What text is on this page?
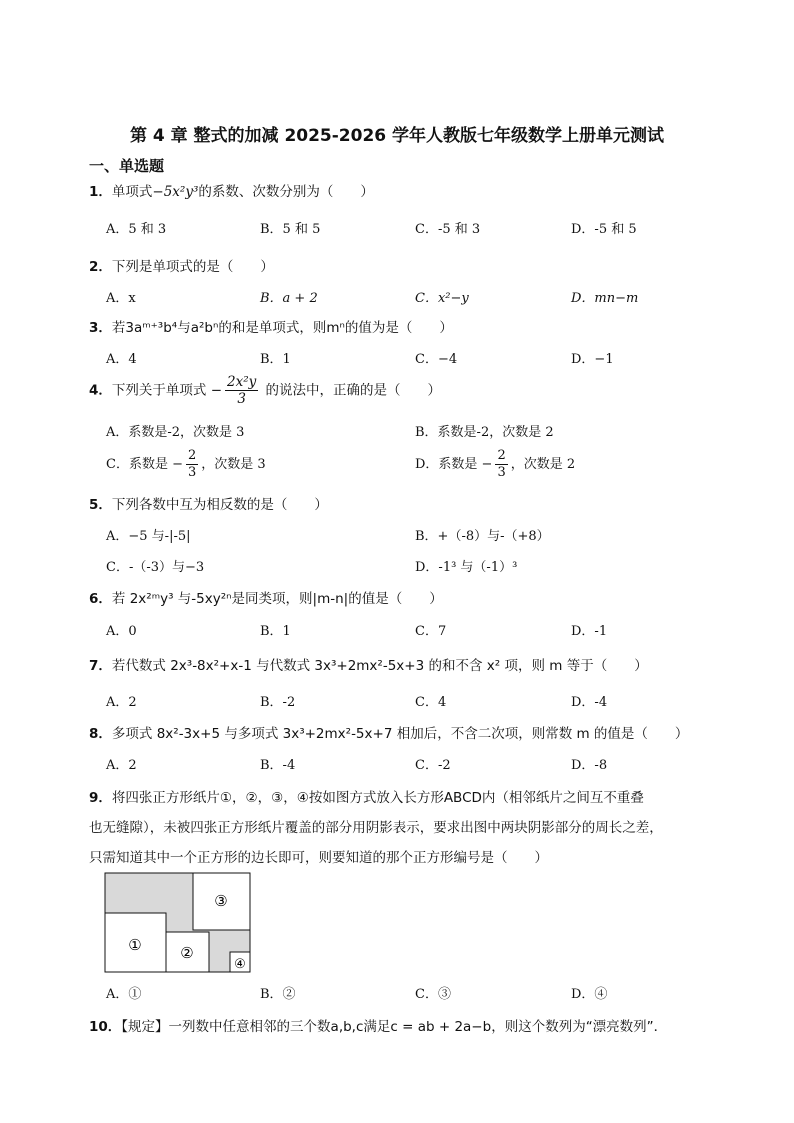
第 4 章 整式的加减 2025-2026 学年人教版七年级数学上册单元测试
一、单选题
1．单项式−5x²y³的系数、次数分别为（　　）
A．5 和 3	B．5 和 5	C．-5 和 3	D．-5 和 5
2．下列是单项式的是（　　）
A．x	B．a + 2	C．x²−y	D．mn−m
3．若3aᵐ⁺³b⁴与a²bⁿ的和是单项式，则mⁿ的值为是（　　）
A．4	B．1	C．−4	D．−1
4．下列关于单项式 − $\frac{\text{2x²y}}{3}$ 的说法中，正确的是（　　）
A．系数是-2，次数是 3	B．系数是-2，次数是 2
C．系数是 − $\frac{2}{3}$ ，次数是 3	D．系数是 − $\frac{2}{3}$ ，次数是 2
5．下列各数中互为相反数的是（　　）
A．−5 与-|-5|	B．+（-8）与-（+8）
C．-（-3）与−3	D．-1³ 与（-1）³
6．若 2x²ᵐy³ 与-5xy²ⁿ是同类项，则|m-n|的值是（　　）
A．0	B．1	C．7	D．-1
7．若代数式 2x³-8x²+x-1 与代数式 3x³+2mx²-5x+3 的和不含 x² 项，则 m 等于（　　）
A．2	B．-2	C．4	D．-4
8．多项式 8x²-3x+5 与多项式 3x³+2mx²-5x+7 相加后，不含二次项，则常数 m 的值是（　　）
A．2	B．-4	C．-2	D．-8
9．将四张正方形纸片①，②，③，④按如图方式放入长方形ABCD内（相邻纸片之间互不重叠
也无缝隙），未被四张正方形纸片覆盖的部分用阴影表示，要求出图中两块阴影部分的周长之差，
只需知道其中一个正方形的边长即可，则要知道的那个正方形编号是（　　）
①	②
③
④
A．①	B．②	C．③	D．④
10．【规定】一列数中任意相邻的三个数a,b,c满足c = ab + 2a−b，则这个数列为“漂亮数列”．
